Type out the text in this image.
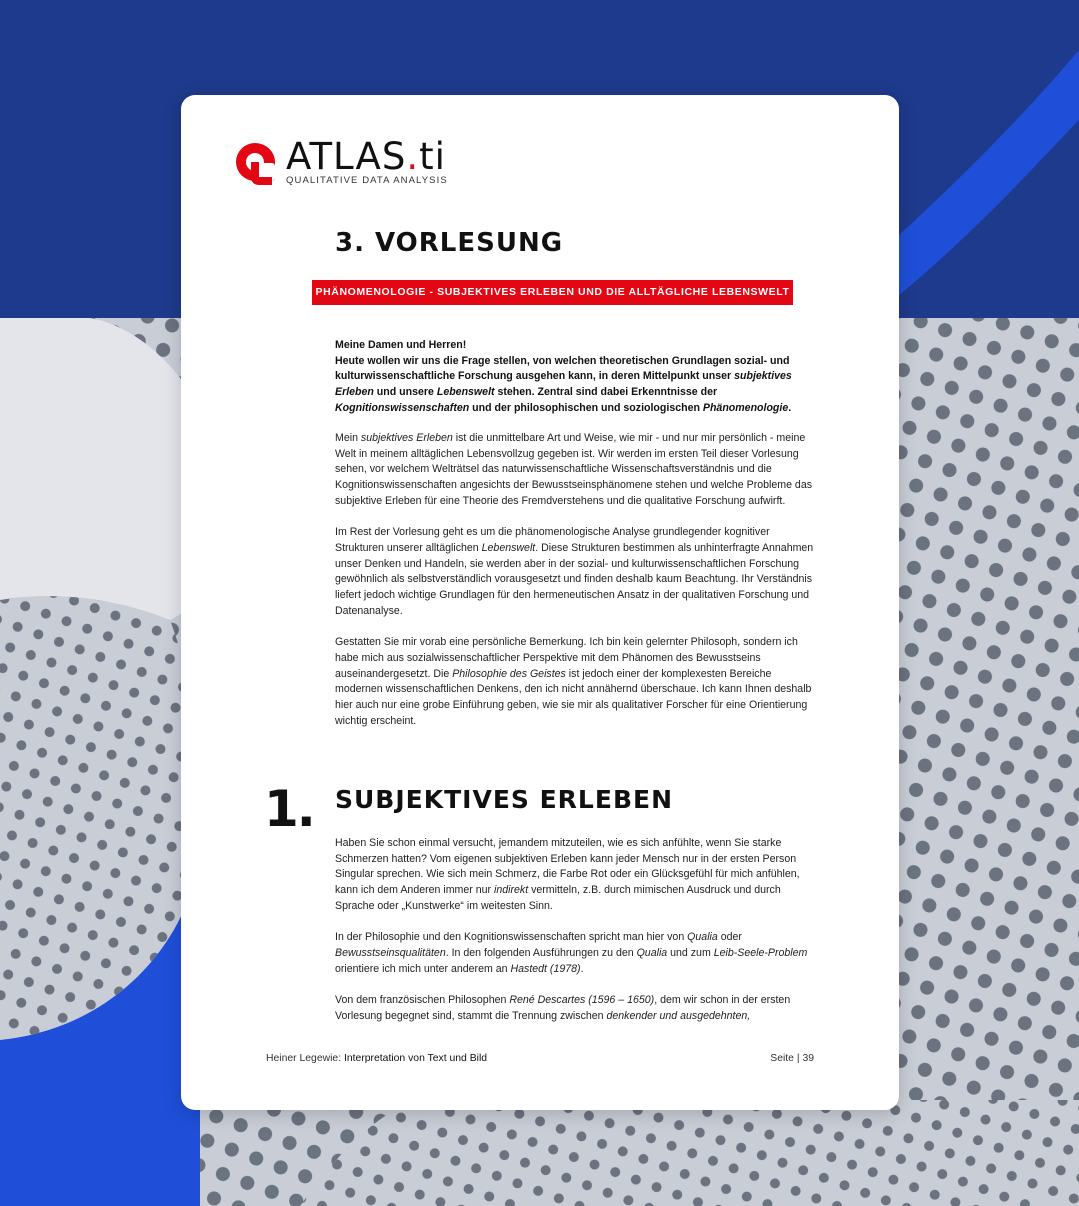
ATLAS.ti
QUALITATIVE DATA ANALYSIS
3. VORLESUNG
PHÄNOMENOLOGIE - SUBJEKTIVES ERLEBEN UND DIE ALLTÄGLICHE LEBENSWELT
Meine Damen und Herren!
Heute wollen wir uns die Frage stellen, von welchen theoretischen Grundlagen sozial- und kulturwissenschaftliche Forschung ausgehen kann, in deren Mittelpunkt unser subjektives Erleben und unsere Lebenswelt stehen. Zentral sind dabei Erkenntnisse der Kognitionswissenschaften und der philosophischen und soziologischen Phänomenologie.

Mein subjektives Erleben ist die unmittelbare Art und Weise, wie mir - und nur mir persönlich - meine Welt in meinem alltäglichen Lebensvollzug gegeben ist. Wir werden im ersten Teil dieser Vorlesung sehen, vor welchem Welträtsel das naturwissenschaftliche Wissenschaftsverständnis und die Kognitionswissenschaften angesichts der Bewusstseinsphänomene stehen und welche Probleme das subjektive Erleben für eine Theorie des Fremdverstehens und die qualitative Forschung aufwirft.

Im Rest der Vorlesung geht es um die phänomenologische Analyse grundlegender kognitiver Strukturen unserer alltäglichen Lebenswelt. Diese Strukturen bestimmen als unhinterfragte Annahmen unser Denken und Handeln, sie werden aber in der sozial- und kulturwissenschaftlichen Forschung gewöhnlich als selbstverständlich vorausgesetzt und finden deshalb kaum Beachtung. Ihr Verständnis liefert jedoch wichtige Grundlagen für den hermeneutischen Ansatz in der qualitativen Forschung und Datenanalyse.

Gestatten Sie mir vorab eine persönliche Bemerkung. Ich bin kein gelernter Philosoph, sondern ich habe mich aus sozialwissenschaftlicher Perspektive mit dem Phänomen des Bewusstseins auseinandergesetzt. Die Philosophie des Geistes ist jedoch einer der komplexesten Bereiche modernen wissenschaftlichen Denkens, den ich nicht annähernd überschaue. Ich kann Ihnen deshalb hier auch nur eine grobe Einführung geben, wie sie mir als qualitativer Forscher für eine Orientierung wichtig erscheint.

1. SUBJEKTIVES ERLEBEN

Haben Sie schon einmal versucht, jemandem mitzuteilen, wie es sich anfühlte, wenn Sie starke Schmerzen hatten? Vom eigenen subjektiven Erleben kann jeder Mensch nur in der ersten Person Singular sprechen. Wie sich mein Schmerz, die Farbe Rot oder ein Glücksgefühl für mich anfühlen, kann ich dem Anderen immer nur indirekt vermitteln, z.B. durch mimischen Ausdruck und durch Sprache oder „Kunstwerke“ im weitesten Sinn.

In der Philosophie und den Kognitionswissenschaften spricht man hier von Qualia oder Bewusstseinsqualitäten. In den folgenden Ausführungen zu den Qualia und zum Leib-Seele-Problem orientiere ich mich unter anderem an Hastedt (1978).

Von dem französischen Philosophen René Descartes (1596 – 1650), dem wir schon in der ersten Vorlesung begegnet sind, stammt die Trennung zwischen denkender und ausgedehnten,

Heiner Legewie: Interpretation von Text und Bild	Seite | 39
